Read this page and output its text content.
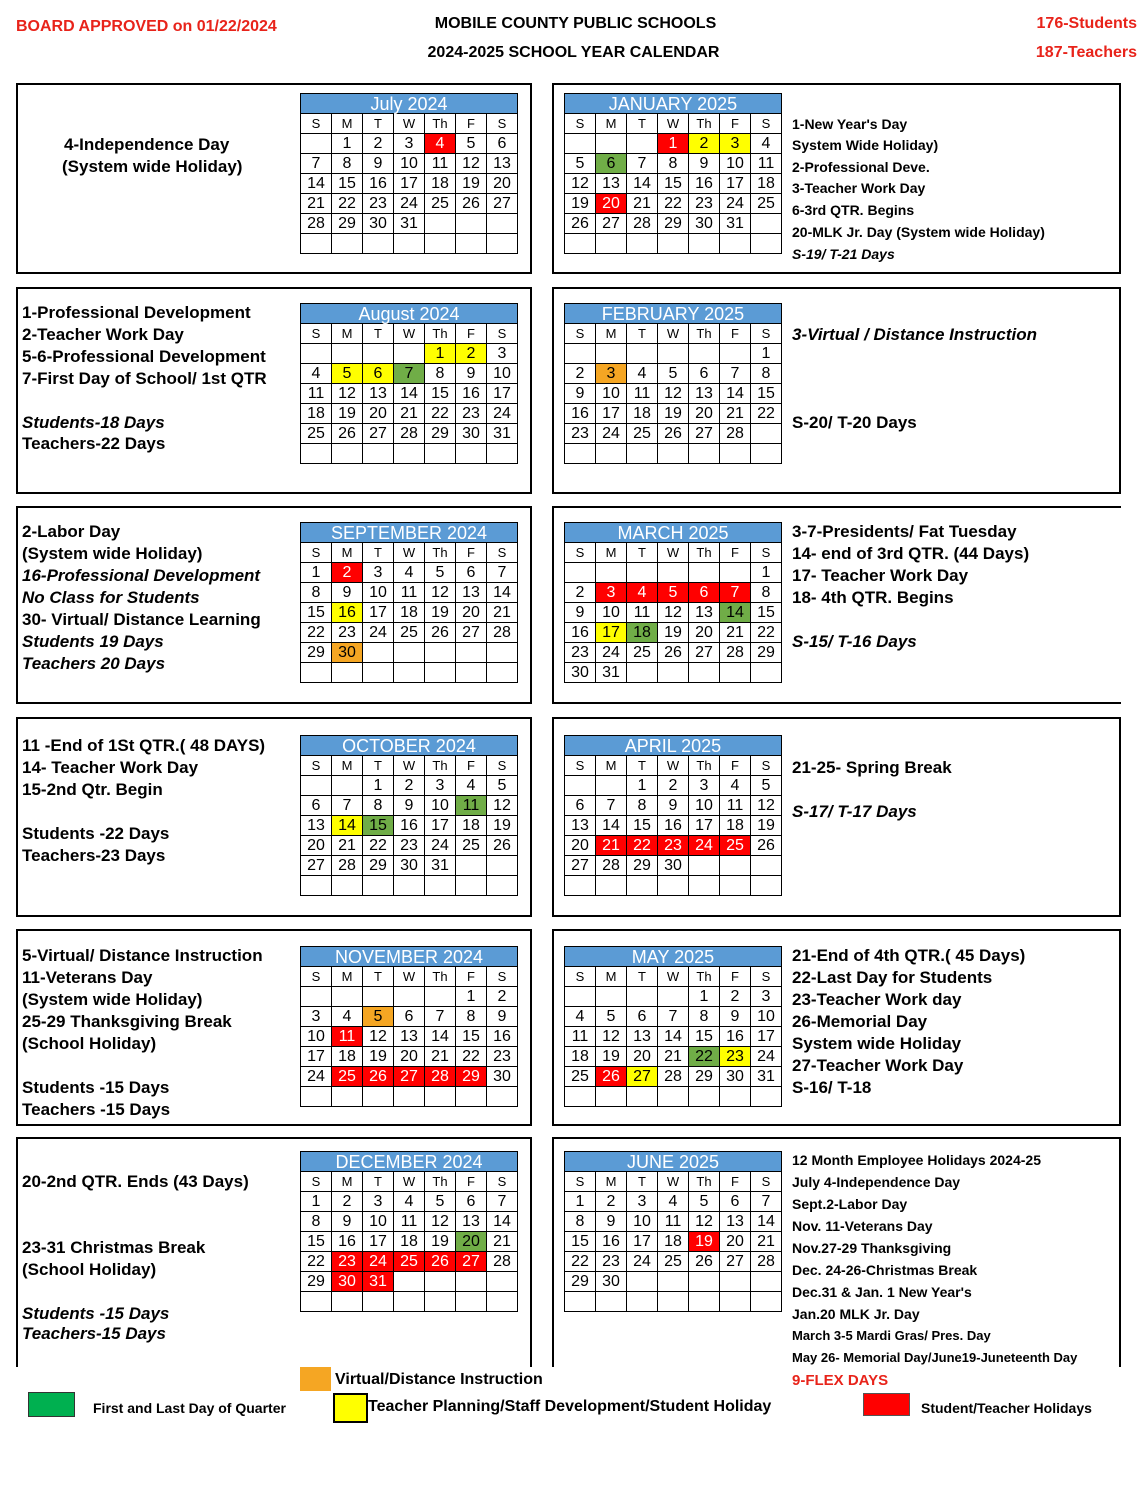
BOARD APPROVED on 01/22/2024	MOBILE COUNTY PUBLIC SCHOOLS
2024-2025 SCHOOL YEAR CALENDAR
176-Students
187-Teachers
July 2024
S	M	T	W	Th	F	S
	1	2	3	4	5	6
7	8	9	10	11	12	13
14	15	16	17	18	19	20
21	22	23	24	25	26	27
28	29	30	31			

August 2024
S	M	T	W	Th	F	S
				1	2	3
4	5	6	7	8	9	10
11	12	13	14	15	16	17
18	19	20	21	22	23	24
25	26	27	28	29	30	31

SEPTEMBER 2024
S	M	T	W	Th	F	S
1	2	3	4	5	6	7
8	9	10	11	12	13	14
15	16	17	18	19	20	21
22	23	24	25	26	27	28
29	30					

OCTOBER 2024
S	M	T	W	Th	F	S
		1	2	3	4	5
6	7	8	9	10	11	12
13	14	15	16	17	18	19
20	21	22	23	24	25	26
27	28	29	30	31		

NOVEMBER 2024
S	M	T	W	Th	F	S
					1	2
3	4	5	6	7	8	9
10	11	12	13	14	15	16
17	18	19	20	21	22	23
24	25	26	27	28	29	30

DECEMBER 2024
S	M	T	W	Th	F	S
1	2	3	4	5	6	7
8	9	10	11	12	13	14
15	16	17	18	19	20	21
22	23	24	25	26	27	28
29	30	31				

JANUARY 2025
S	M	T	W	Th	F	S
			1	2	3	4
5	6	7	8	9	10	11
12	13	14	15	16	17	18
19	20	21	22	23	24	25
26	27	28	29	30	31	

FEBRUARY 2025
S	M	T	W	Th	F	S
						1
2	3	4	5	6	7	8
9	10	11	12	13	14	15
16	17	18	19	20	21	22
23	24	25	26	27	28	

MARCH 2025
S	M	T	W	Th	F	S
						1
2	3	4	5	6	7	8
9	10	11	12	13	14	15
16	17	18	19	20	21	22
23	24	25	26	27	28	29
30	31					
APRIL 2025
S	M	T	W	Th	F	S
		1	2	3	4	5
6	7	8	9	10	11	12
13	14	15	16	17	18	19
20	21	22	23	24	25	26
27	28	29	30			

MAY 2025
S	M	T	W	Th	F	S
				1	2	3
4	5	6	7	8	9	10
11	12	13	14	15	16	17
18	19	20	21	22	23	24
25	26	27	28	29	30	31

JUNE 2025
S	M	T	W	Th	F	S
1	2	3	4	5	6	7
8	9	10	11	12	13	14
15	16	17	18	19	20	21
22	23	24	25	26	27	28
29	30					

4-Independence Day
(System wide Holiday)
1-Professional Development
2-Teacher Work Day
5-6-Professional Development
7-First Day of School/ 1st QTR
Students-18 Days
Teachers-22 Days
2-Labor Day
(System wide Holiday)
16-Professional Development
No Class for Students
30- Virtual/ Distance Learning
Students 19 Days
Teachers 20 Days
11 -End of 1St QTR.( 48 DAYS)
14- Teacher Work Day
15-2nd Qtr. Begin
Students -22 Days
Teachers-23 Days
5-Virtual/ Distance Instruction
11-Veterans Day
(System wide Holiday)
25-29 Thanksgiving Break
(School Holiday)
Students -15 Days
Teachers -15 Days
20-2nd QTR. Ends (43 Days)
23-31 Christmas Break
(School Holiday)
Students -15 Days
Teachers-15 Days
1-New Year's Day
System Wide Holiday)
2-Professional Deve.
3-Teacher Work Day
6-3rd QTR. Begins
20-MLK Jr. Day (System wide Holiday)
S-19/ T-21 Days
3-Virtual / Distance Instruction
S-20/ T-20 Days
3-7-Presidents/ Fat Tuesday
14- end of 3rd QTR. (44 Days)
17- Teacher Work Day
18- 4th QTR. Begins
S-15/ T-16 Days
21-25- Spring Break
S-17/ T-17 Days
21-End of 4th QTR.( 45 Days)
22-Last Day for Students
23-Teacher Work day
26-Memorial Day
System wide Holiday
27-Teacher Work Day
S-16/ T-18
12 Month Employee Holidays 2024-25
July 4-Independence Day
Sept.2-Labor Day
Nov. 11-Veterans Day
Nov.27-29 Thanksgiving
Dec. 24-26-Christmas Break
Dec.31 & Jan. 1 New Year's
Jan.20 MLK Jr. Day
March 3-5 Mardi Gras/ Pres. Day
May 26- Memorial Day/June19-Juneteenth Day
Virtual/Distance Instruction	9-FLEX DAYS
First and Last Day of Quarter	Teacher Planning/Staff Development/Student Holiday	Student/Teacher Holidays
